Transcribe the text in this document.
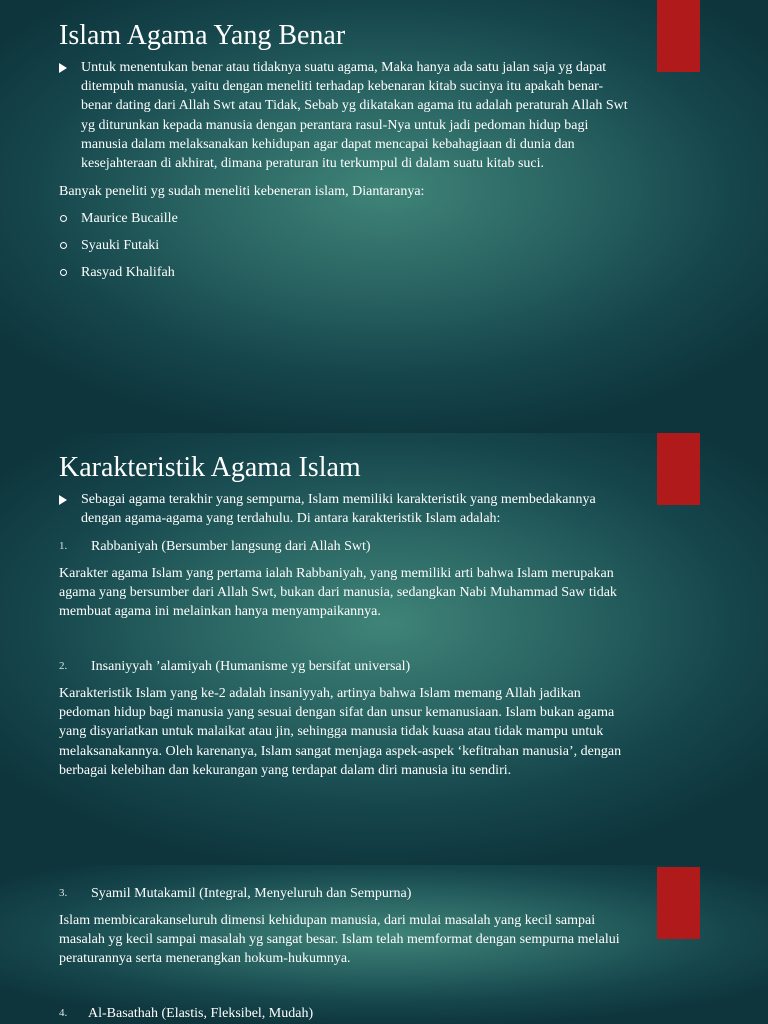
Islam Agama Yang Benar
Untuk menentukan benar atau tidaknya suatu agama, Maka hanya ada satu jalan saja yg dapat
ditempuh manusia, yaitu dengan meneliti terhadap kebenaran kitab sucinya itu apakah benar-
benar dating dari Allah Swt atau Tidak, Sebab yg dikatakan agama itu adalah peraturah Allah Swt
yg diturunkan kepada manusia dengan perantara rasul-Nya untuk jadi pedoman hidup bagi
manusia dalam melaksanakan kehidupan agar dapat mencapai kebahagiaan di dunia dan
kesejahteraan di akhirat, dimana peraturan itu terkumpul di dalam suatu kitab suci.
Banyak peneliti yg sudah meneliti kebeneran islam, Diantaranya:
Maurice Bucaille
Syauki Futaki
Rasyad Khalifah
Karakteristik Agama Islam
Sebagai agama terakhir yang sempurna, Islam memiliki karakteristik yang membedakannya
dengan agama-agama yang terdahulu. Di antara karakteristik Islam adalah:
1. Rabbaniyah (Bersumber langsung dari Allah Swt)
Karakter agama Islam yang pertama ialah Rabbaniyah, yang memiliki arti bahwa Islam merupakan
agama yang bersumber dari Allah Swt, bukan dari manusia, sedangkan Nabi Muhammad Saw tidak
membuat agama ini melainkan hanya menyampaikannya.
2. Insaniyyah ’alamiyah (Humanisme yg bersifat universal)
Karakteristik Islam yang ke-2 adalah insaniyyah, artinya bahwa Islam memang Allah jadikan
pedoman hidup bagi manusia yang sesuai dengan sifat dan unsur kemanusiaan. Islam bukan agama
yang disyariatkan untuk malaikat atau jin, sehingga manusia tidak kuasa atau tidak mampu untuk
melaksanakannya. Oleh karenanya, Islam sangat menjaga aspek-aspek ‘kefitrahan manusia’, dengan
berbagai kelebihan dan kekurangan yang terdapat dalam diri manusia itu sendiri.
3. Syamil Mutakamil (Integral, Menyeluruh dan Sempurna)
Islam membicarakanseluruh dimensi kehidupan manusia, dari mulai masalah yang kecil sampai
masalah yg kecil sampai masalah yg sangat besar. Islam telah memformat dengan sempurna melalui
peraturannya serta menerangkan hokum-hukumnya.
4. Al-Basathah (Elastis, Fleksibel, Mudah)
